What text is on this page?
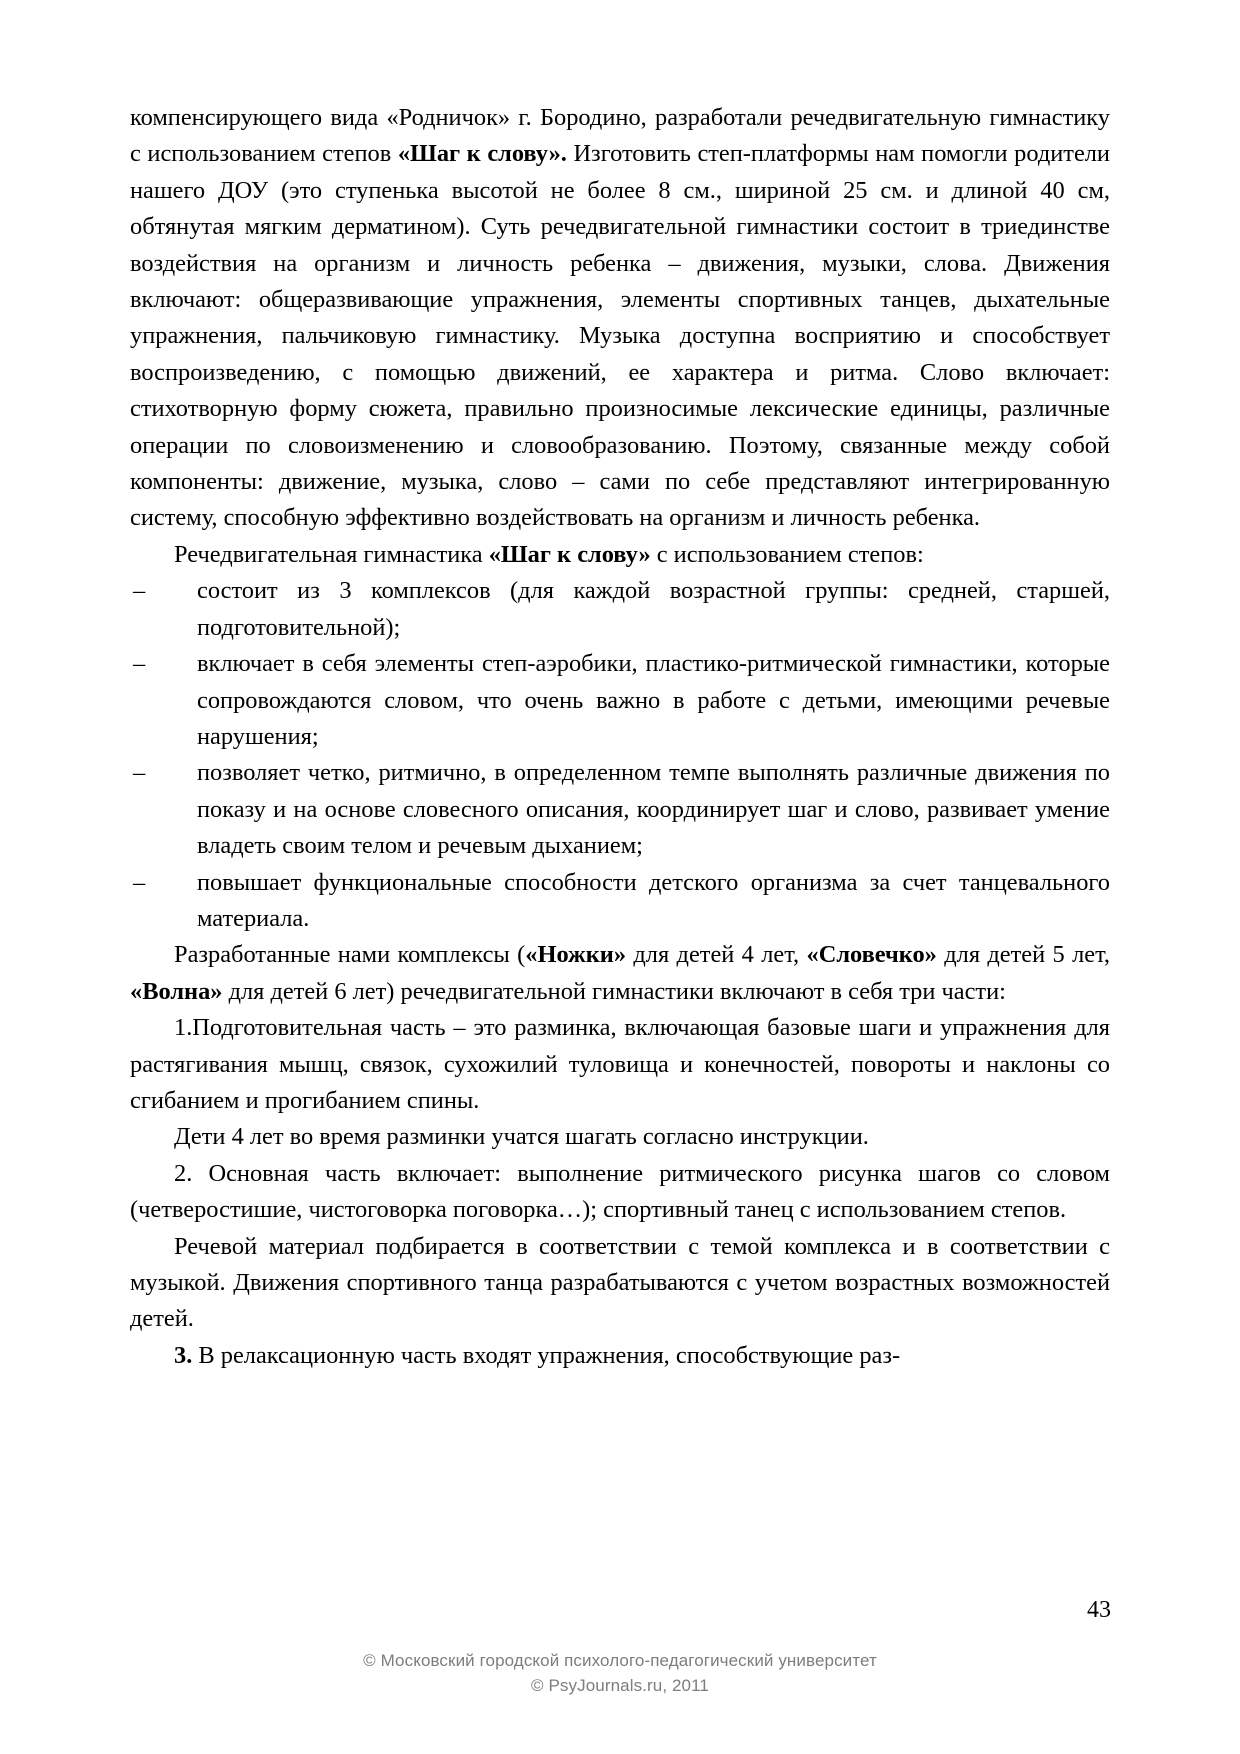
компенсирующего вида «Родничок» г. Бородино, разработали речедвигательную гимнастику с использованием степов «Шаг к слову». Изготовить степ-платформы нам помогли родители нашего ДОУ (это ступенька высотой не более 8 см., шириной 25 см. и длиной 40 см, обтянутая мягким дерматином). Суть речедвигательной гимнастики состоит в триединстве воздействия на организм и личность ребенка – движения, музыки, слова. Движения включают: общеразвивающие упражнения, элементы спортивных танцев, дыхательные упражнения, пальчиковую гимнастику. Музыка доступна восприятию и способствует воспроизведению, с помощью движений, ее характера и ритма. Слово включает: стихотворную форму сюжета, правильно произносимые лексические единицы, различные операции по словоизменению и словообразованию. Поэтому, связанные между собой компоненты: движение, музыка, слово – сами по себе представляют интегрированную систему, способную эффективно воздействовать на организм и личность ребенка.

Речедвигательная гимнастика «Шаг к слову» с использованием степов:

– состоит из 3 комплексов (для каждой возрастной группы: средней, старшей, подготовительной);
– включает в себя элементы степ-аэробики, пластико-ритмической гимнастики, которые сопровождаются словом, что очень важно в работе с детьми, имеющими речевые нарушения;
– позволяет четко, ритмично, в определенном темпе выполнять различные движения по показу и на основе словесного описания, координирует шаг и слово, развивает умение владеть своим телом и речевым дыханием;
– повышает функциональные способности детского организма за счет танцевального материала.

Разработанные нами комплексы («Ножки» для детей 4 лет, «Словечко» для детей 5 лет, «Волна» для детей 6 лет) речедвигательной гимнастики включают в себя три части:

1.Подготовительная часть – это разминка, включающая базовые шаги и упражнения для растягивания мышц, связок, сухожилий туловища и конечностей, повороты и наклоны со сгибанием и прогибанием спины.

Дети 4 лет во время разминки учатся шагать согласно инструкции.

2. Основная часть включает: выполнение ритмического рисунка шагов со словом (четверостишие, чистоговорка поговорка…); спортивный танец с использованием степов.

Речевой материал подбирается в соответствии с темой комплекса и в соответствии с музыкой. Движения спортивного танца разрабатываются с учетом возрастных возможностей детей.

3. В релаксационную часть входят упражнения, способствующие раз-

43
© Московский городской психолого-педагогический университет
© PsyJournals.ru, 2011
